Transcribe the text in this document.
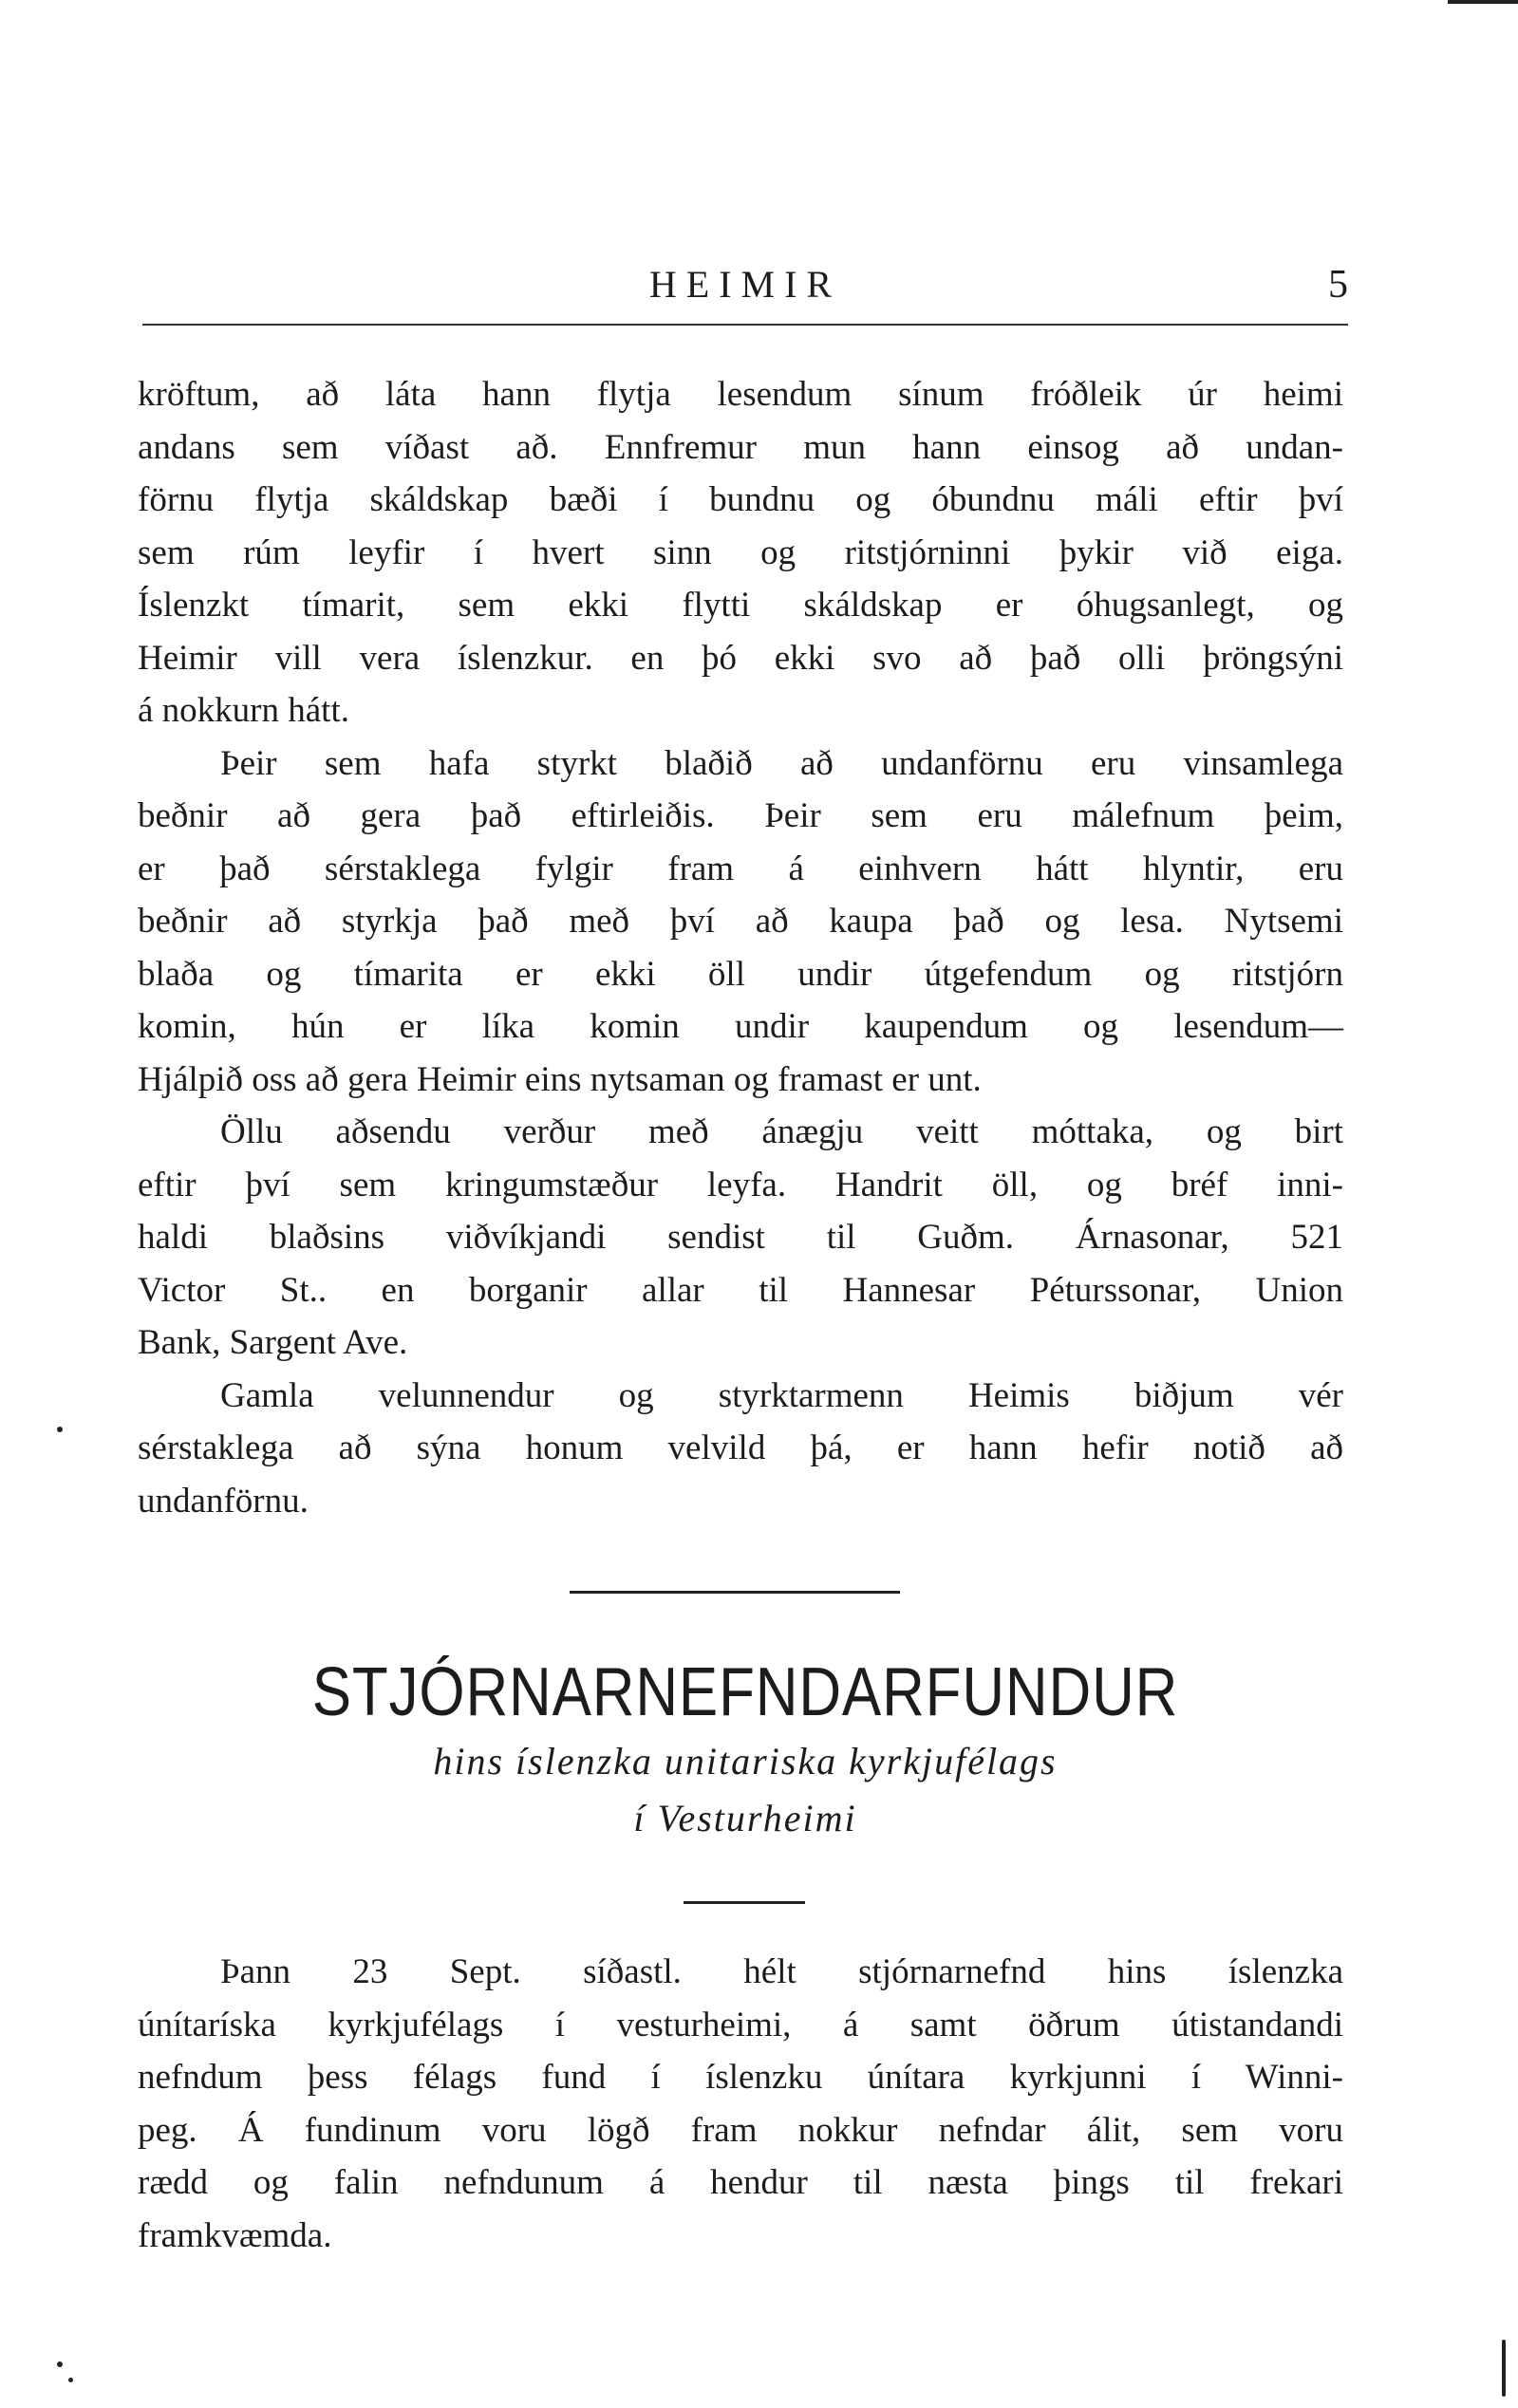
HEIMIR	5

kröftum, að láta hann flytja lesendum sínum fróðleik úr heimi

andans sem víðast að. Ennfremur mun hann einsog að undan-

förnu flytja skáldskap bæði í bundnu og óbundnu máli eftir því

sem rúm leyfir í hvert sinn og ritstjórninni þykir við eiga.

Íslenzkt tímarit, sem ekki flytti skáldskap er óhugsanlegt, og

Heimir vill vera íslenzkur. en þó ekki svo að það olli þröngsýni

á nokkurn hátt.

Þeir sem hafa styrkt blaðið að undanförnu eru vinsamlega

beðnir að gera það eftirleiðis. Þeir sem eru málefnum þeim,

er það sérstaklega fylgir fram á einhvern hátt hlyntir, eru

beðnir að styrkja það með því að kaupa það og lesa. Nytsemi

blaða og tímarita er ekki öll undir útgefendum og ritstjórn

komin, hún er líka komin undir kaupendum og lesendum—

Hjálpið oss að gera Heimir eins nytsaman og framast er unt.

Öllu aðsendu verður með ánægju veitt móttaka, og birt

eftir því sem kringumstæður leyfa. Handrit öll, og bréf inni-

haldi blaðsins viðvíkjandi sendist til Guðm. Árnasonar, 521

Victor St.. en borganir allar til Hannesar Péturssonar, Union

Bank, Sargent Ave.

Gamla velunnendur og styrktarmenn Heimis biðjum vér

sérstaklega að sýna honum velvild þá, er hann hefir notið að

undanförnu.

STJÓRNARNEFNDARFUNDUR
hins íslenzka unitariska kyrkjufélags
í Vesturheimi

Þann 23 Sept. síðastl. hélt stjórnarnefnd hins íslenzka

únítaríska kyrkjufélags í vesturheimi, á samt öðrum útistandandi

nefndum þess félags fund í íslenzku únítara kyrkjunni í Winni-

peg. Á fundinum voru lögð fram nokkur nefndar álit, sem voru

rædd og falin nefndunum á hendur til næsta þings til frekari

framkvæmda.
